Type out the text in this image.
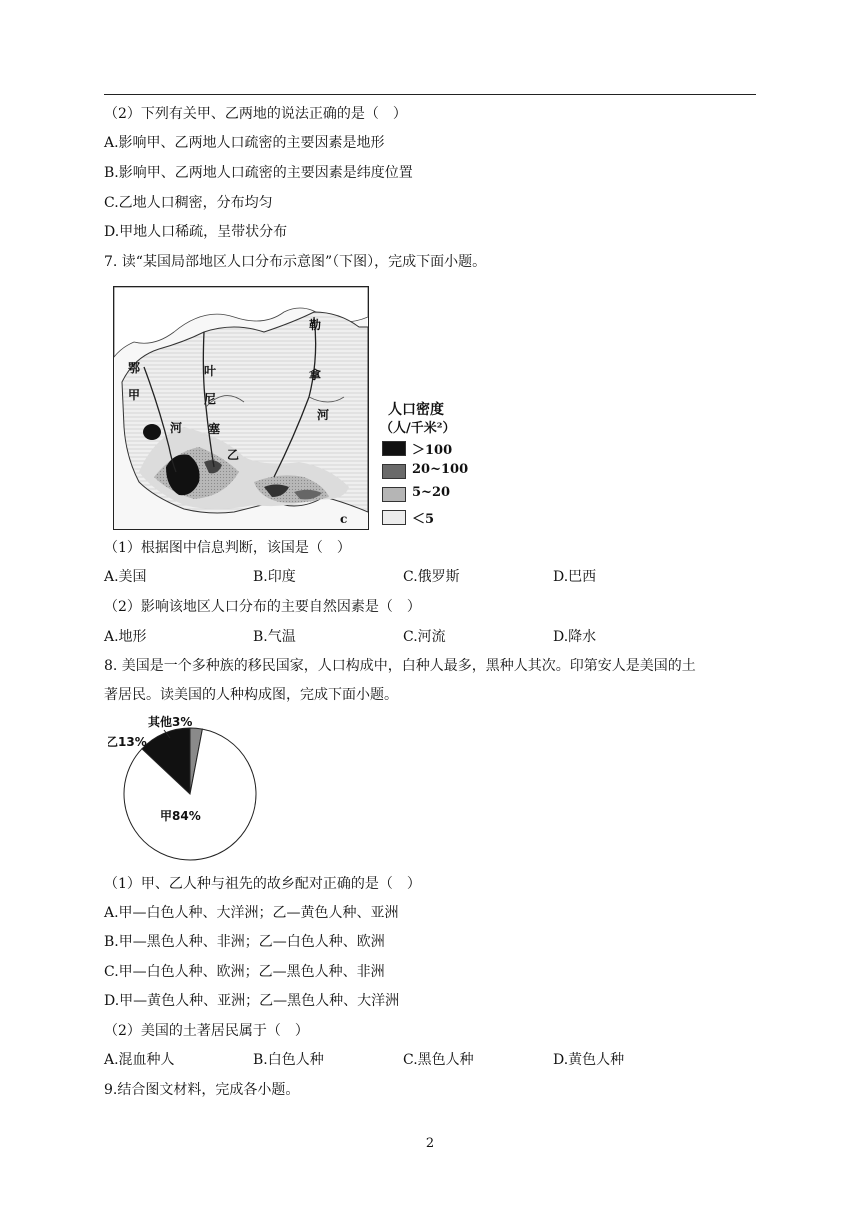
（2）下列有关甲、乙两地的说法正确的是（　）
A.影响甲、乙两地人口疏密的主要因素是地形
B.影响甲、乙两地人口疏密的主要因素是纬度位置
C.乙地人口稠密，分布均匀
D.甲地人口稀疏，呈带状分布
7. 读“某国局部地区人口分布示意图”（下图），完成下面小题。
鄂
甲
河
叶
尼
塞
勒
拿
河
乙
c
人口密度
（人/千米²）
＞100
20~100
5~20
＜5
（1）根据图中信息判断，该国是（　）
A.美国	B.印度	C.俄罗斯	D.巴西
（2）影响该地区人口分布的主要自然因素是（　）
A.地形	B.气温	C.河流	D.降水
8. 美国是一个多种族的移民国家，人口构成中，白种人最多，黑种人其次。印第安人是美国的土
著居民。读美国的人种构成图，完成下面小题。
甲84%
乙13%
其他3%
（1）甲、乙人种与祖先的故乡配对正确的是（　）
A.甲—白色人种、大洋洲；乙—黄色人种、亚洲
B.甲—黑色人种、非洲；乙—白色人种、欧洲
C.甲—白色人种、欧洲；乙—黑色人种、非洲
D.甲—黄色人种、亚洲；乙—黑色人种、大洋洲
（2）美国的土著居民属于（　）
A.混血种人	B.白色人种	C.黑色人种	D.黄色人种
9.结合图文材料，完成各小题。
2
